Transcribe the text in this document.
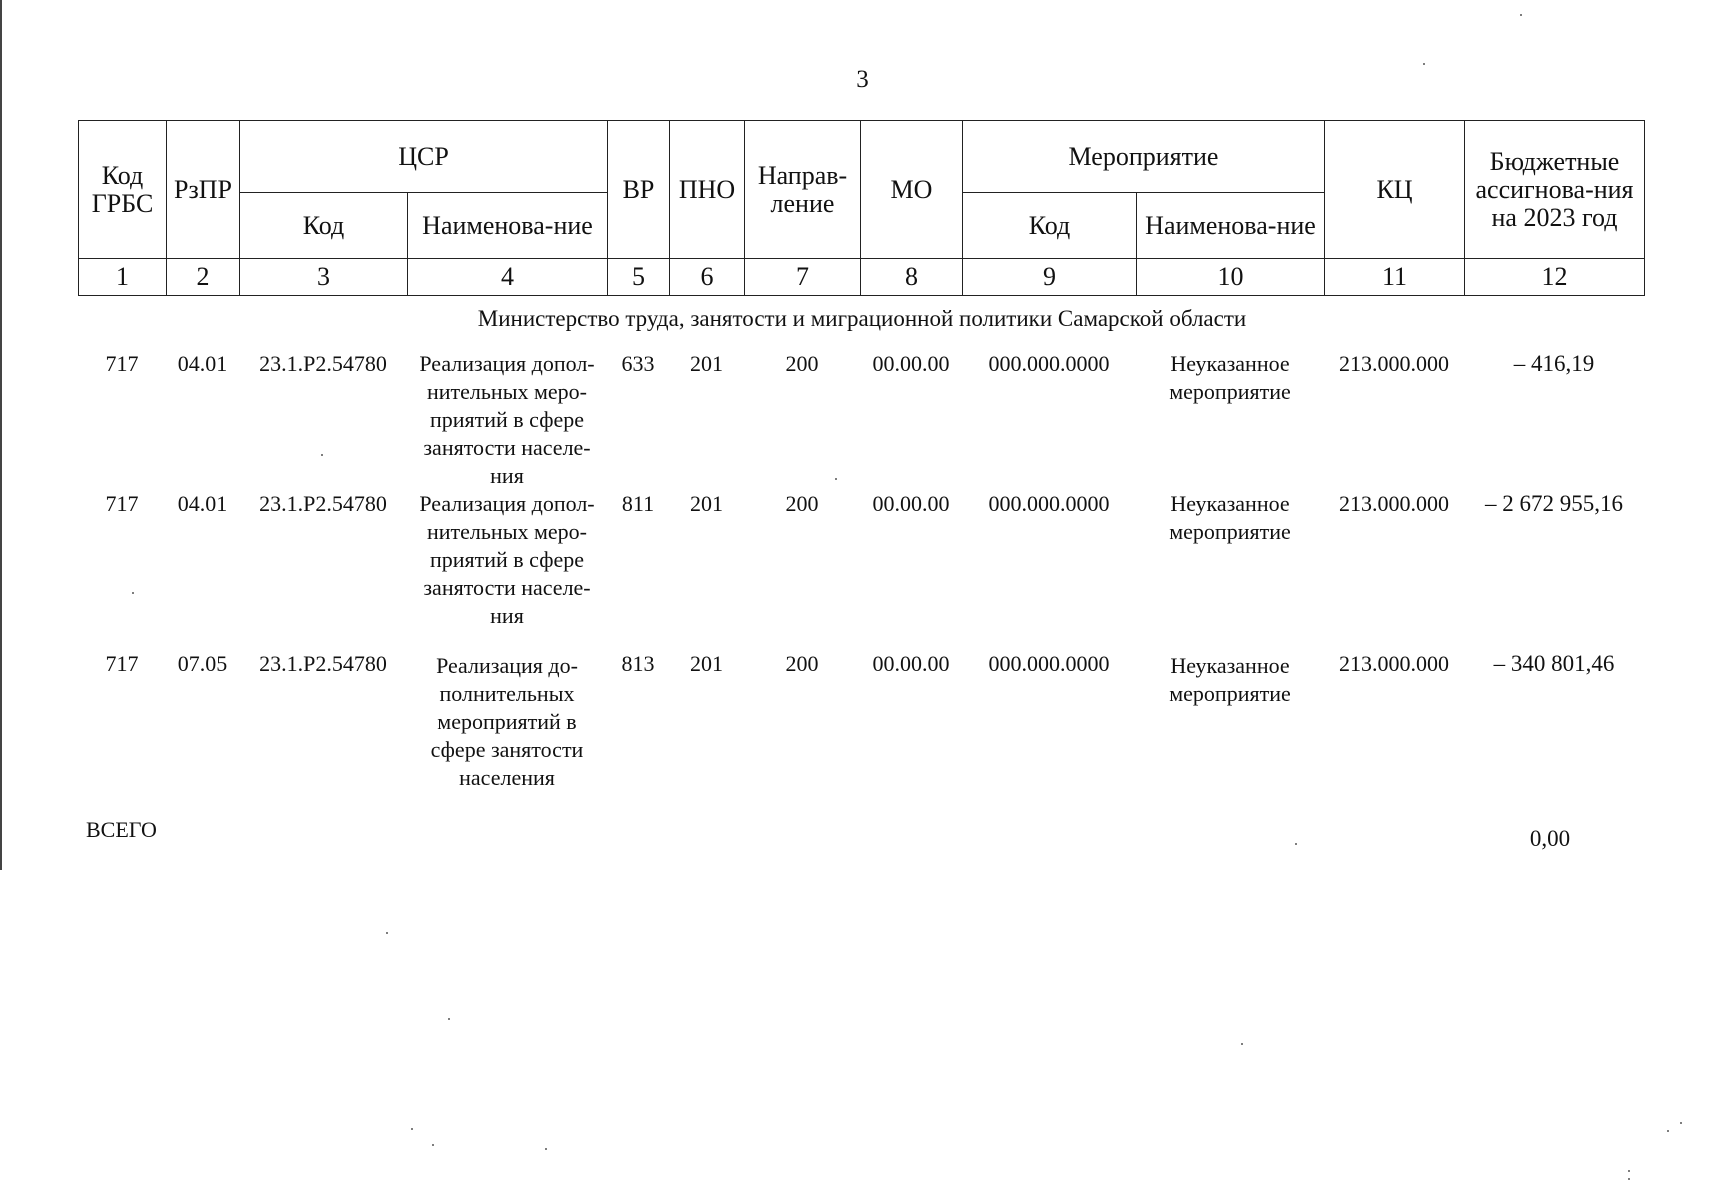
3
Код ГРБС	РзПР	ЦСР		ВР	ПНО	Направ-ление	МО	Мероприятие		КЦ	Бюджетные ассигнова-ния на 2023 год
		Код	Наименова-ние					Код	Наименова-ние		
1	2	3	4	5	6	7	8	9	10	11	12
Министерство труда, занятости и миграционной политики Самарской области
717	04.01	23.1.P2.54780	Реализация допол-нительных меро-приятий в сфере занятости населе-ния	633	201	200	00.00.00	000.000.0000	Неуказанное мероприятие	213.000.000	– 416,19
717	04.01	23.1.P2.54780	Реализация допол-нительных меро-приятий в сфере занятости населе-ния	811	201	200	00.00.00	000.000.0000	Неуказанное мероприятие	213.000.000	– 2 672 955,16
717	07.05	23.1.P2.54780	Реализация до-полнительных мероприятий в сфере занятости населения	813	201	200	00.00.00	000.000.0000	Неуказанное мероприятие	213.000.000	– 340 801,46
ВСЕГО	0,00
